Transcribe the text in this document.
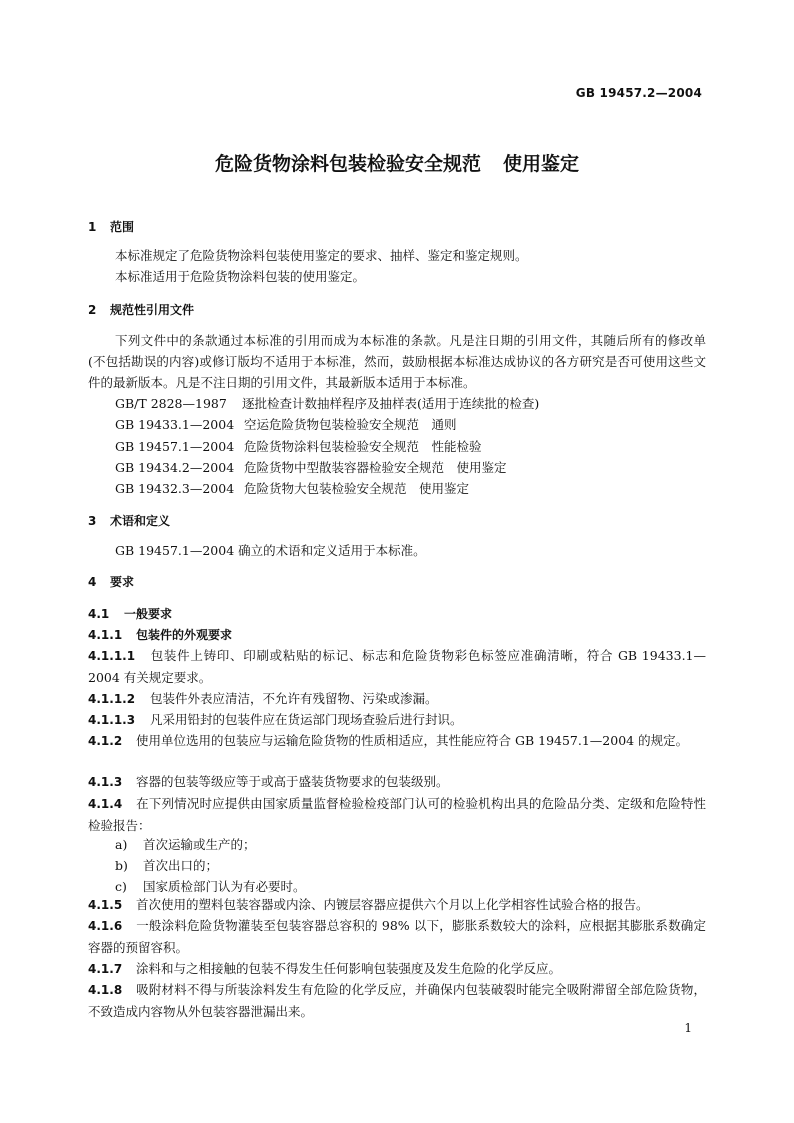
GB 19457.2—2004
危险货物涂料包装检验安全规范 使用鉴定
1 范围
本标准规定了危险货物涂料包装使用鉴定的要求、抽样、鉴定和鉴定规则。
本标准适用于危险货物涂料包装的使用鉴定。
2 规范性引用文件
下列文件中的条款通过本标准的引用而成为本标准的条款。凡是注日期的引用文件，其随后所有的修改单(不包括勘误的内容)或修订版均不适用于本标准，然而，鼓励根据本标准达成协议的各方研究是否可使用这些文件的最新版本。凡是不注日期的引用文件，其最新版本适用于本标准。
GB/T 2828—1987 逐批检查计数抽样程序及抽样表(适用于连续批的检查)
GB 19433.1—2004 空运危险货物包装检验安全规范　通则
GB 19457.1—2004 危险货物涂料包装检验安全规范　性能检验
GB 19434.2—2004 危险货物中型散装容器检验安全规范　使用鉴定
GB 19432.3—2004 危险货物大包装检验安全规范　使用鉴定
3 术语和定义
GB 19457.1—2004 确立的术语和定义适用于本标准。
4 要求
4.1 一般要求
4.1.1 包装件的外观要求
4.1.1.1 包装件上铸印、印刷或粘贴的标记、标志和危险货物彩色标签应准确清晰，符合 GB 19433.1—2004 有关规定要求。
4.1.1.2 包装件外表应清洁，不允许有残留物、污染或渗漏。
4.1.1.3 凡采用铅封的包装件应在货运部门现场查验后进行封识。
4.1.2 使用单位选用的包装应与运输危险货物的性质相适应，其性能应符合 GB 19457.1—2004 的规定。
4.1.3 容器的包装等级应等于或高于盛装货物要求的包装级别。
4.1.4 在下列情况时应提供由国家质量监督检验检疫部门认可的检验机构出具的危险品分类、定级和危险特性检验报告：
a) 首次运输或生产的；
b) 首次出口的；
c) 国家质检部门认为有必要时。
4.1.5 首次使用的塑料包装容器或内涂、内镀层容器应提供六个月以上化学相容性试验合格的报告。
4.1.6 一般涂料危险货物灌装至包装容器总容积的 98% 以下，膨胀系数较大的涂料，应根据其膨胀系数确定容器的预留容积。
4.1.7 涂料和与之相接触的包装不得发生任何影响包装强度及发生危险的化学反应。
4.1.8 吸附材料不得与所装涂料发生有危险的化学反应，并确保内包装破裂时能完全吸附滞留全部危险货物，不致造成内容物从外包装容器泄漏出来。
1
